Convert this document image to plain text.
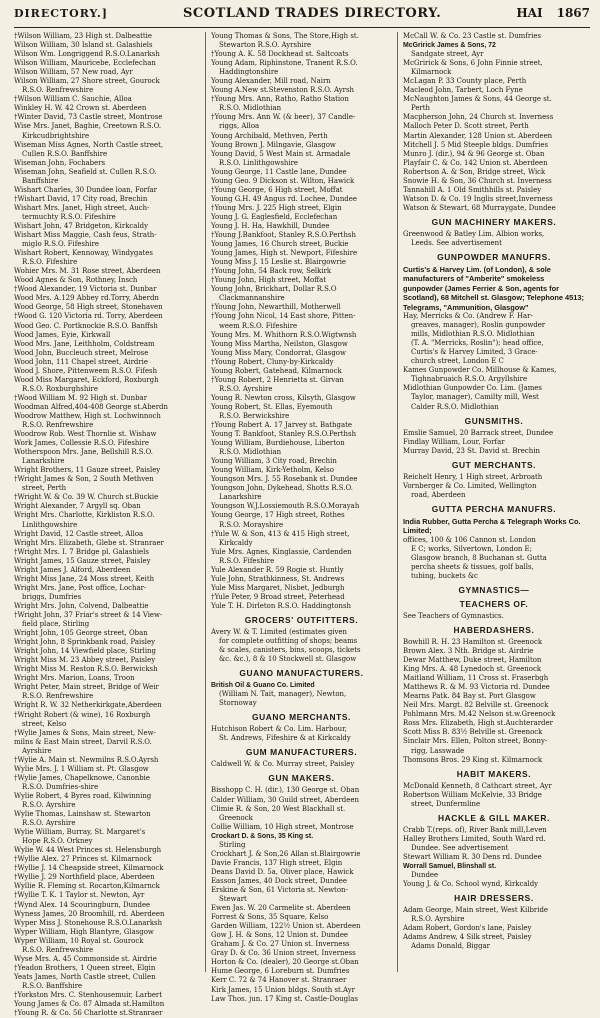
DIRECTORY.]	SCOTLAND TRADES DIRECTORY.	HAI 1867
†Wilson William, 23 High st. Dalbeattie
Wilson William, 30 Island st. Galashiels
Wilson Wm. Longriggend R.S.O.Lanarksh
Wilson William, Mauricebe, Ecclefechan
Wilson William, 57 New road, Ayr
Wilson William, 27 Shore street, Gourock
R.S.O. Renfrewshire
†Wilson William C. Sauchie, Alloa
Winkley H. W. 42 Crown st. Aberdeen
†Winter David, 73 Castle street, Montrose
Wise Mrs. Janet, Baghie, Creetown R.S.O.
Kirkcudbrightshire
Wiseman Miss Agnes, North Castle street,
Cullen R.S.O. Banffshire
Wiseman John, Fochabers
Wiseman John, Seafield st. Cullen R.S.O.
Banffshire
Wishart Charles, 30 Dundee loan, Forfar
†Wishart David, 17 City road, Brechin
Wishart Mrs. Janet, High street, Auch-
termuchty R.S.O. Fifeshire
Wishart John, 47 Bridgeton, Kirkcaldy
Wishart Miss Maggie, Cash feus, Strath-
miglo R.S.O. Fifeshire
Wishart Robert, Kennoway, Windygates
R.S.O. Fifeshire
Wohier Mrs. M. 31 Rose street, Aberdeen
Wood Agnes & Son, Rothney, Insch
†Wood Alexander, 19 Victoria st. Dunbar
Wood Mrs. A.129 Abbey rd.Torry, Aberdn
Wood George, 58 High street, Stonehaven
†Wood G. 120 Victoria rd. Torry, Aberdeen
Wood Geo. C. Portknockie R.S.O. Banffsh
Wood James, Eyie, Kirkwall
Wood Mrs. Jane, Leithholm, Coldstream
Wood John, Buccleuch street, Melrose
Wood John, 111 Chapel street, Airdrie
Wood J. Shore, Pittenweem R.S.O. Fifesh
Wood Miss Margaret, Eckford, Roxburgh
R.S.O. Roxburghshire
†Wood William M. 92 High st. Dunbar
Woodman Alfred,404-408 George st.Aberdn
Woodrow Matthew, High st. Lochwinnoch
R.S.O. Renfrewshire
Woodrow Rob. West Thornlie st. Wishaw
Work James, Collessie R.S.O. Fifeshire
Wotherspoon Mrs. Jane, Bellshill R.S.O.
Lanarkshire
Wright Brothers, 11 Gauze street, Paisley
†Wright James & Son, 2 South Methven
street, Perth
†Wright W. & Co. 39 W. Church st.Buckie
Wright Alexander, 7 Argyll sq. Oban
Wright Mrs. Charlotte, Kirkliston R.S.O.
Linlithgowshire
Wright David, 12 Castle street, Alloa
Wright Mrs. Elizabeth, Glebe st. Stranraer
†Wright Mrs. I. 7 Bridge pl. Galashiels
Wright James, 15 Gauze street, Paisley
Wright James J. Alford, Aberdeen
Wright Miss Jane, 24 Moss street, Keith
Wright Mrs. Jane, Post office, Lochar-
briggs, Dumfries
Wright Mrs. John, Colvend, Dalbeattie
†Wright John, 37 Friar's street & 14 View-
field place, Stirling
Wright John, 105 George street, Oban
Wright John, 8 Sprinkbank road, Paisley
Wright John, 14 Viewfield place, Stirling
Wright Miss M. 23 Abbey street, Paisley
Wright Miss M. Reston R.S.O. Berwicksh
Wright Mrs. Marion, Loans, Troon
Wright Peter, Main street, Bridge of Weir
R.S.O. Renfrewshire
Wright R. W. 32 Netherkirkgate,Aberdeen
†Wright Robert (& wine), 16 Roxburgh
street, Kelso
†Wylie James & Sons, Main street, New-
milns & East Main street, Darvil R.S.O.
Ayrshire
†Wylie A. Main st. Newmilns R.S.O.Ayrsh
Wylie Mrs. J. 1 William st. Pt. Glasgow
†Wylie James, Chapelknowe, Canonbie
R.S.O. Dumfries-shire
Wylie Robert, 4 Byres road, Kilwinning
R.S.O. Ayrshire
Wylie Thomas, Lainshaw st. Stewarton
R.S.O. Ayrshire
Wylie William, Burray, St. Margaret's
Hope R.S.O. Orkney
Wylie W. 44 West Princes st. Helensburgh
†Wyllie Alex. 27 Princes st. Kilmarnock
†Wyllie J. 14 Cheapside street, Kilmarnock
†Wyllie J. 29 Northfield place, Aberdeen
Wyllie R. Fleming st. Rocarton,Kilmarnck
†Wyllie T. K. 1 Taylor st. Newton, Ayr
†Wynd Alex. 14 Scouringburn, Dundee
Wyness James, 20 Broomhill, rd. Aberdeen
Wyper Miss J. Stonehouse R.S.O.Lanarksh
Wyper William, High Blantyre, Glasgow
Wyper William, 10 Royal st. Gourock
R.S.O. Renfrewshire
Wyse Mrs. A. 45 Commonside st. Airdrie
†Yeadon Brothers, 1 Queen street, Elgin
Yeats James, North Castle street, Cullen
R.S.O. Banffshire
†Yorkston Mrs. C. Stenhousemuir, Larbert
Young James & Co. 87 Almada st.Hamilton
†Young R. & Co. 56 Charlotte st.Stranraer
Young Thomas & Sons, The Store,High st.
Stewarton R.S.O. Ayrshire
†Young A. K. 58 Dockhead st. Saltcoats
Young Adam, Riphinstone, Tranent R.S.O.
Haddingtonshire
Young Alexander, Mill road, Nairn
Young A.New st.Stevenston R.S.O. Ayrsh
†Young Mrs. Ann, Ratho, Ratho Station
R.S.O. Midlothian
†Young Mrs. Ann W. (& beer), 37 Candle-
riggs, Alloa
Young Archibald, Methven, Perth
Young Brown J. Milngavie, Glasgow
Young David, 5 West Main st. Armadale
R.S.O. Linlithgowshire
Young George, 11 Castle lane, Dundee
Young Geo. 9 Dickson st. Wilton, Hawick
†Young George, 6 High street, Moffat
Young G.H. 49 Angus rd. Lochee, Dundee
†Young Mrs. J. 225 High street, Elgin
Young J. G. Eaglesfield, Ecclefechan
Young J. H. Ha, Hawkhill, Dundee
†Young J.Bankfoot, Stanley R.S.O.Perthsh
Young James, 16 Church street, Buckie
Young James, High st. Newport, Fifeshire
Young Miss J. 15 Leslie st. Blairgowrie
†Young John, 54 Back row, Selkirk
†Young John, High street, Moffat
Young John, Brickhart, Dollar R.S.O
Clackmannanshire
†Young John, Newarthill, Motherwell
†Young John Nicol, 14 East shore, Pitten-
weem R.S.O. Fifeshire
Young Mrs. M. Whithorn R.S.O.Wigtwnsh
Young Miss Martha, Neilston, Glasgow
Young Miss Mary, Condorrat, Glasgow
†Young Robert, Cluny-by-Kirkcaldy
Young Robert, Gatehead, Kilmarnock
†Young Robert, 2 Henrietta st. Girvan
R.S.O. Ayrshire
Young R. Newton cross, Kilsyth, Glasgow
Young Robert, St. Ellas, Eyemouth
R.S.O. Berwickshire
†Young Robert A. 17 Jarvey st. Bathgate
Young T. Bankfoot, Stanley R.S.O.Perthsh
Young William, Burdiehouse, Liberton
R.S.O. Midlothian
Young William, 3 City road, Brechin
Young William, Kirk-Yetholm, Kelso
Youngson Mrs. J. 55 Rosebank st. Dundee
Youngson John, Dykehead, Shotts R.S.O.
Lanarkshire
Youngson W.J.Lossiemouth R.S.O.Morayah
Young George, 17 High street, Rothes
R.S.O. Morayshire
†Yule W. & Son, 413 & 415 High street,
Kirkcaldy
Yule Mrs. Agnes, Kinglassie, Cardenden
R.S.O. Fifeshire
Yule Alexander R. 59 Rogie st. Huntly
Yule John, Strathkinness, St. Andrews
Yule Miss Margaret, Nisbet, Jedburgh
†Yule Peter, 9 Broad street, Peterhead
Yule T. H. Dirleton R.S.O. Haddingtonsh
GROCERS' OUTFITTERS.
Avery W. & T. Limited (estimates given
for complete outfitting of shops; beams
& scales, canisters, bins, scoops, tickets
&c. &c.), 8 & 10 Stockwell st. Glasgow
GUANO MANUFACTURERS.
British Oil & Guano Co. Limited
(William N. Tait, manager), Newton,
Stornoway
GUANO MERCHANTS.
Hutchison Robert & Co. Lim. Harbour,
St. Andrews, Fifeshire & at Kirkcaldy
GUM MANUFACTURERS.
Caldwell W. & Co. Murray street, Paisley
GUN MAKERS.
Bisshopp C. H. (dir.), 130 George st. Oban
Calder William, 30 Guild street, Aberdeen
Climie R. & Son, 20 West Blackhall st.
Greenock
Collie William, 10 High street, Montrose
Crockart D. & Sons, 35 King st.
Stirling
Crockhart J. & Son,26 Allan st.Blairgowrie
Davie Francis, 137 High street, Elgin
Deans David D. 5a, Oliver place, Hawick
Easson James, 40 Dock street, Dundee
Erskine & Son, 61 Victoria st. Newton-
Stewart
Ewen Jas. W. 20 Carmelite st. Aberdeen
Forrest & Sons, 35 Square, Kelso
Garden William, 122½ Union st. Aberdeen
Gow J. H. & Sons, 12 Union st. Dundee
Graham J. & Co. 27 Union st. Inverness
Gray D. & Co. 36 Union street, Inverness
Horton & Co. (dealer), 20 George st.Oban
Hume George, 6 Loreburn st. Dumfries
Kerr C. 72 & 74 Hanover st. Stranraer
Kirk James, 15 Union bldgs. South st.Ayr
Law Thos. jun. 17 King st. Castle-Douglas
McCall W. & Co. 23 Castle st. Dumfries
McGririck James & Sons, 72
Sandgate street, Ayr
McGririck & Sons, 6 John Finnie street,
Kilmarnock
McLagan P. 33 County place, Perth
Macleod John, Tarbert, Loch Fyne
McNaughton James & Sons, 44 George st.
Perth
Macpherson John, 24 Church st. Inverness
Malloch Peter D. Scott street, Perth
Martin Alexander, 128 Union st. Aberdeen
Mitchell J. 5 Mid Steeple bldgs. Dumfries
Munro J. (dir.), 94 & 96 George st. Oban
Playfair C. & Co. 142 Union st. Aberdeen
Robertson A. & Son, Bridge street, Wick
Snowie H. & Son, 36 Church st. Inverness
Tannahill A. 1 Old Smithhills st. Paisley
Watson D. & Co. 19 Inglis street,Inverness
Watson & Stewart, 68 Murraygate, Dundee
GUN MACHINERY MAKERS.
Greenwood & Batley Lim. Albion works,
Leeds. See advertisement
GUNPOWDER MANUFRS.
Curtis's & Harvey Lim. (of London), & sole manufacturers of "Amberite" smokeless gunpowder (James Ferrier & Son, agents for Scotland), 68 Mitchell st. Glasgow; Telephone 4513; Telegrams, "Ammunition, Glasgow"
Hay, Merricks & Co. (Andrew F. Har-
greaves, manager), Roslin gunpowder
mills, Midlothian R.S.O. Midlothian
(T. A. "Merricks, Roslin"); head office,
Curtis's & Harvey Limited, 3 Grace-
church street, London E C
Kames Gunpowder Co. Millhouse & Kames,
Tighnabruaich R.S.O. Argyllshire
Midlothian Gunpowder Co. Lim. (James
Taylor, manager), Camilty mill, West
Calder R.S.O. Midlothian
GUNSMITHS.
Emslie Samuel, 20 Barrack street, Dundee
Findlay William, Lour, Forfar
Murray David, 23 St. David st. Brechin
GUT MERCHANTS.
Reichelt Henry, 1 High street, Arbroath
Vornberger & Co. Limited, Wellington
road, Aberdeen
GUTTA PERCHA MANUFRS.
India Rubber, Gutta Percha & Telegraph Works Co. Limited;
offices, 100 & 106 Cannon st. London
E C; works, Silvertown, London E;
Glasgow branch, 8 Buchanan st. Gutta
percha sheets & tissues, golf balls,
tubing, buckets &c
GYMNASTICS—
TEACHERS OF.
See Teachers of Gymnastics.
HABERDASHERS.
Bowhill R. H. 23 Hamilton st. Greenock
Brown Alex. 3 Nth. Bridge st. Airdrie
Dewar Matthew, Duke street, Hamilton
King Mrs. A. 48 Lynedoch st. Greenock
Maitland William, 11 Cross st. Fraserbgh
Matthews R. & M. 93 Victoria rd. Dundee
Mearns Patk. 84 Bay st. Port Glasgow
Neil Mrs. Margt. 82 Belville st. Greenock
Pohlmann Mrs. M.42 Nelson st.w.Greenock
Ross Mrs. Elizabeth, High st.Auchterarder
Scott Miss B. 83½ Belville st. Greenock
Sinclair Mrs. Ellen, Polton street, Bonny-
rigg, Lasswade
Thomsons Bros. 29 King st. Kilmarnock
HABIT MAKERS.
McDonald Kenneth, 8 Cathcart street, Ayr
Robertson William McKelvie, 33 Bridge
street, Dunfermline
HACKLE & GILL MAKER.
Crabb T.(reps. of), River Bank mill,Leven
Halley Brothers Limited, South Ward rd.
Dundee. See advertisement
Stewart William R. 30 Dens rd. Dundee
Worrall Samuel, Blinshall st.
Dundee
Young J. & Co. School wynd, Kirkcaldy
HAIR DRESSERS.
Adam George, Main street, West Kilbride
R.S.O. Ayrshire
Adam Robert, Gordon's lane, Paisley
Adams Andrew, 4 Silk street, Paisley
Adams Donald, Biggar
